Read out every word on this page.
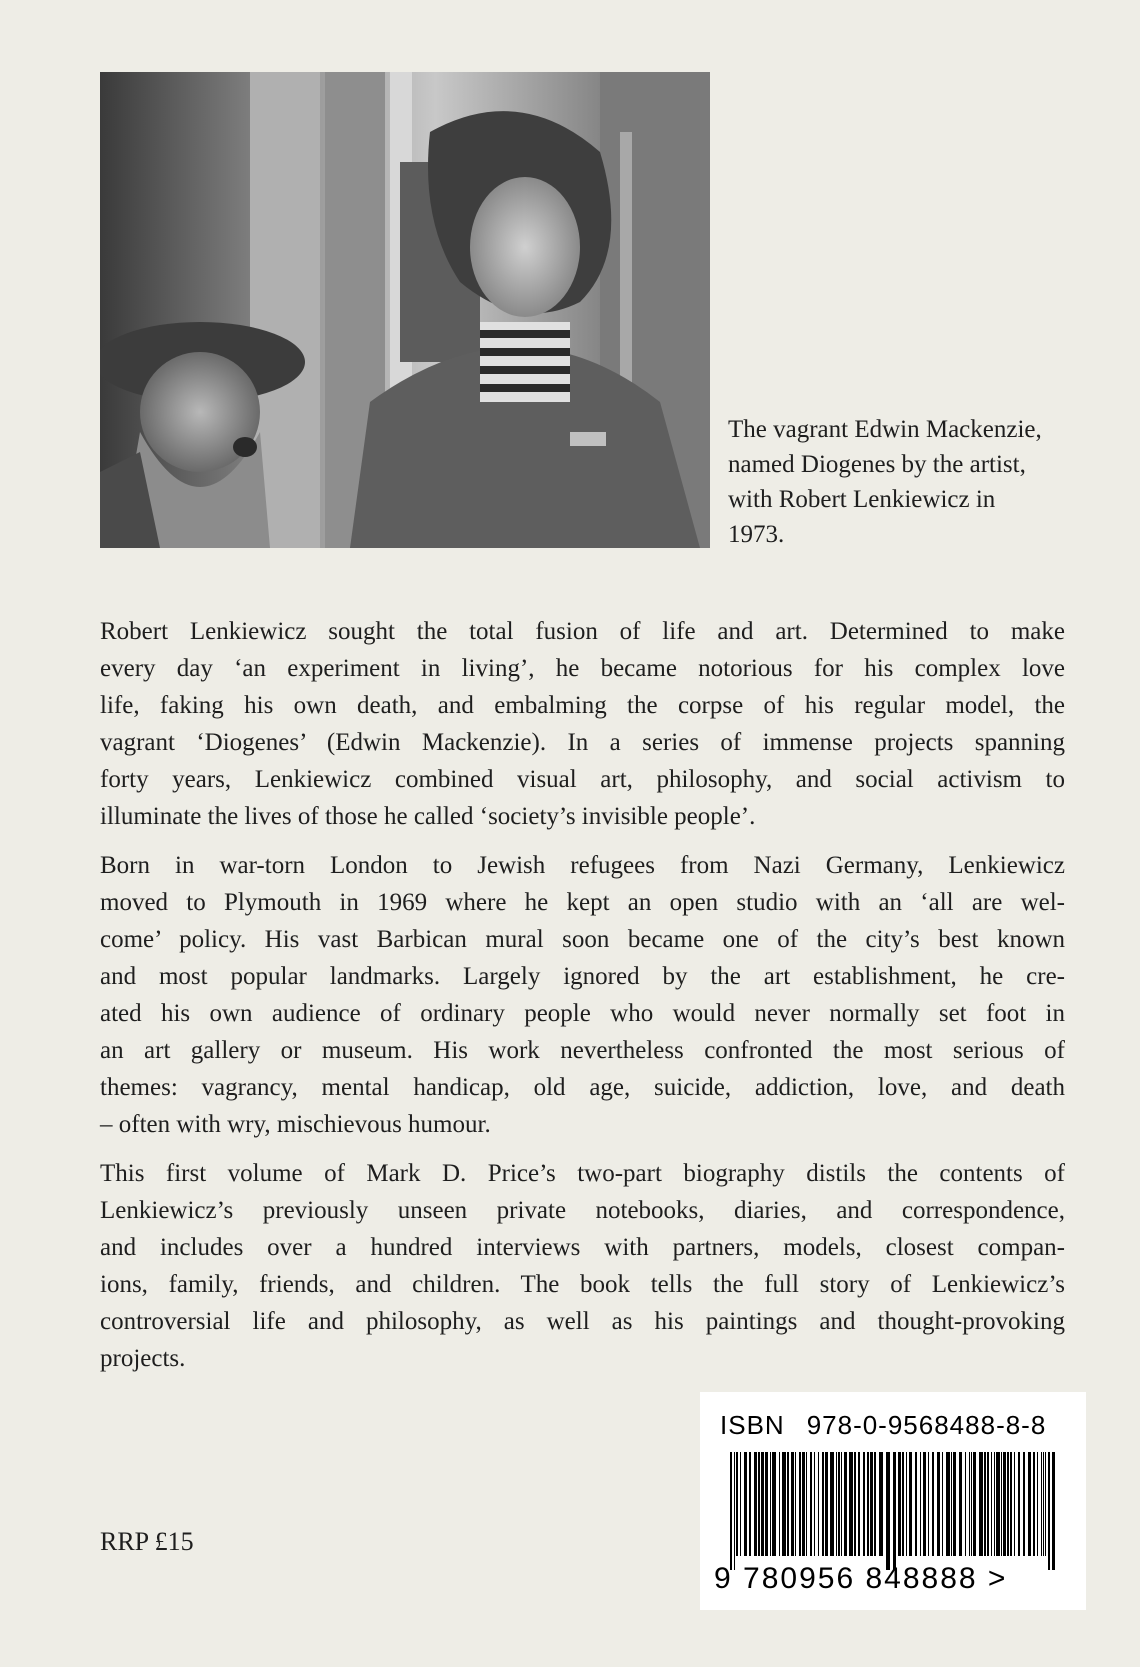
The vagrant Edwin Mackenzie,
named Diogenes by the artist,
with Robert Lenkiewicz in
1973.

Robert Lenkiewicz sought the total fusion of life and art. Determined to make
every day ‘an experiment in living’, he became notorious for his complex love
life, faking his own death, and embalming the corpse of his regular model, the
vagrant ‘Diogenes’ (Edwin Mackenzie). In a series of immense projects spanning
forty years, Lenkiewicz combined visual art, philosophy, and social activism to
illuminate the lives of those he called ‘society’s invisible people’.

Born in war-torn London to Jewish refugees from Nazi Germany, Lenkiewicz
moved to Plymouth in 1969 where he kept an open studio with an ‘all are wel-
come’ policy. His vast Barbican mural soon became one of the city’s best known
and most popular landmarks. Largely ignored by the art establishment, he cre-
ated his own audience of ordinary people who would never normally set foot in
an art gallery or museum. His work nevertheless confronted the most serious of
themes: vagrancy, mental handicap, old age, suicide, addiction, love, and death
– often with wry, mischievous humour.

This first volume of Mark D. Price’s two-part biography distils the contents of
Lenkiewicz’s previously unseen private notebooks, diaries, and correspondence,
and includes over a hundred interviews with partners, models, closest compan-
ions, family, friends, and children. The book tells the full story of Lenkiewicz’s
controversial life and philosophy, as well as his paintings and thought-provoking
projects.

RRP £15
ISBN 978-0-9568488-8-8
9 780956 848888 >
